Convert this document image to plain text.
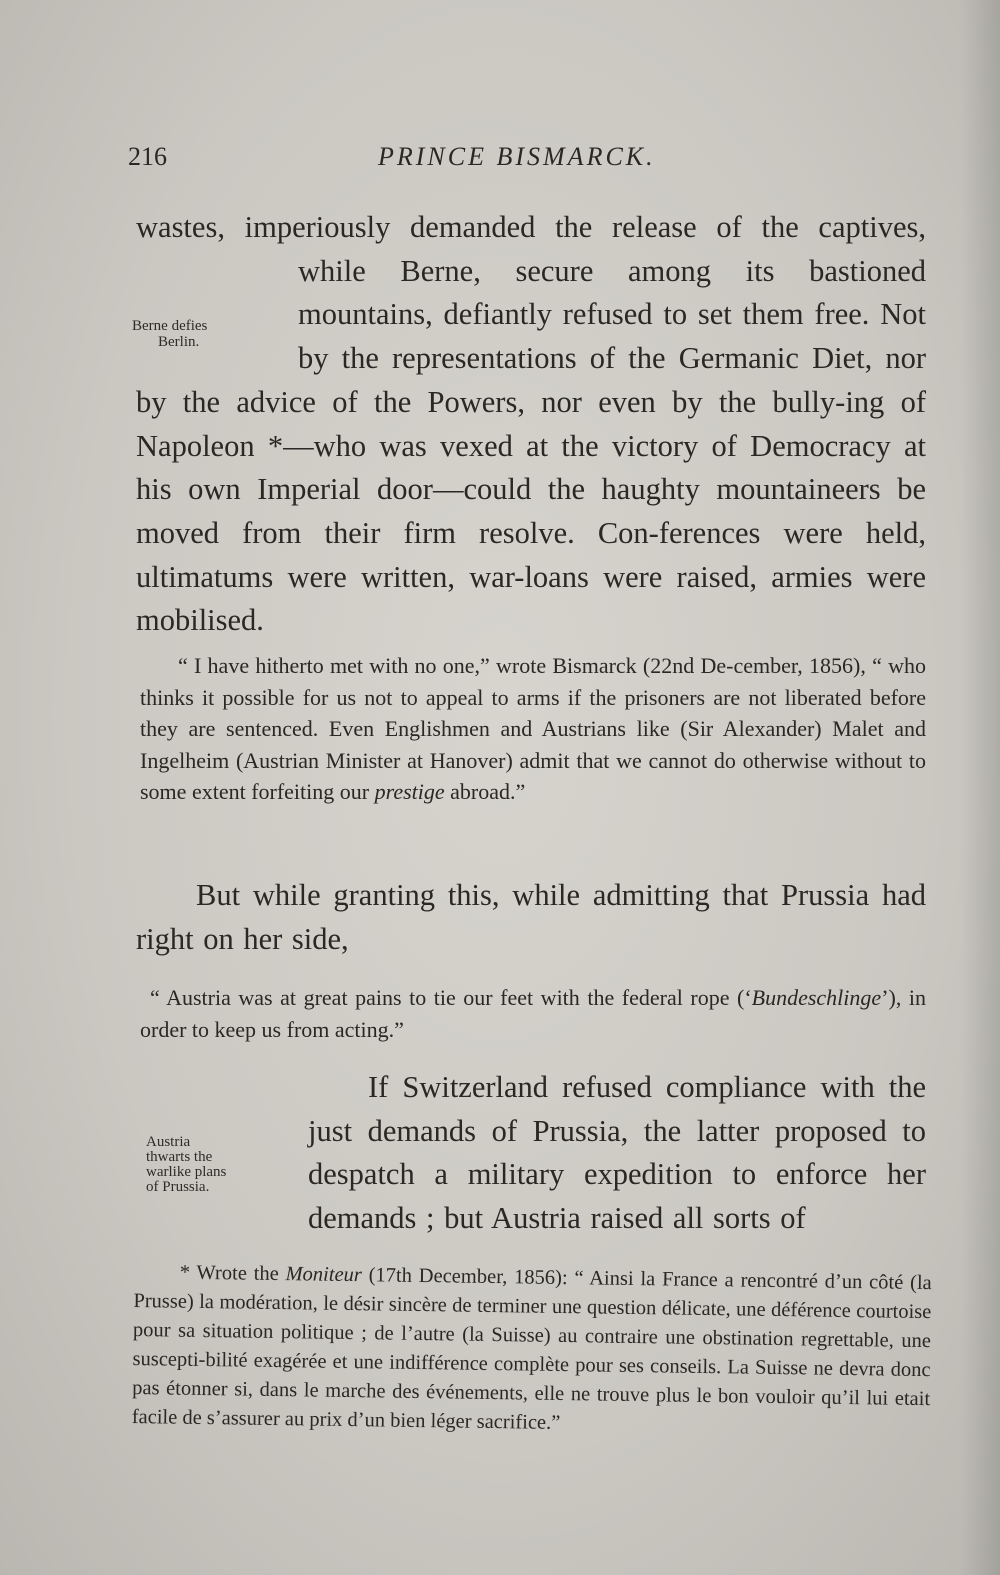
216	PRINCE BISMARCK.
Berne defies
Berlin.
Austria
thwarts the
warlike plans
of Prussia.

wastes, imperiously demanded the release of the captives, while Berne, secure among its bastioned mountains, defiantly refused to set them free. Not by the representations of the Germanic Diet, nor by the advice of the Powers, nor even by the bully-ing of Napoleon *—who was vexed at the victory of Democracy at his own Imperial door—could the haughty mountaineers be moved from their firm resolve. Con-ferences were held, ultimatums were written, war-loans were raised, armies were mobilised.

“ I have hitherto met with no one,” wrote Bismarck (22nd De-cember, 1856), “ who thinks it possible for us not to appeal to arms if the prisoners are not liberated before they are sentenced. Even Englishmen and Austrians like (Sir Alexander) Malet and Ingelheim (Austrian Minister at Hanover) admit that we cannot do otherwise without to some extent forfeiting our prestige abroad.”

But while granting this, while admitting that Prussia had right on her side,

“ Austria was at great pains to tie our feet with the federal rope (‘Bundeschlinge’), in order to keep us from acting.”

If Switzerland refused compliance with the just demands of Prussia, the latter proposed to despatch a military expedition to enforce her demands ; but Austria raised all sorts of

* Wrote the Moniteur (17th December, 1856): “ Ainsi la France a rencontré d’un côté (la Prusse) la modération, le désir sincère de terminer une question délicate, une déférence courtoise pour sa situation politique ; de l’autre (la Suisse) au contraire une obstination regrettable, une suscepti-bilité exagérée et une indifférence complète pour ses conseils. La Suisse ne devra donc pas étonner si, dans le marche des événements, elle ne trouve plus le bon vouloir qu’il lui etait facile de s’assurer au prix d’un bien léger sacrifice.”
